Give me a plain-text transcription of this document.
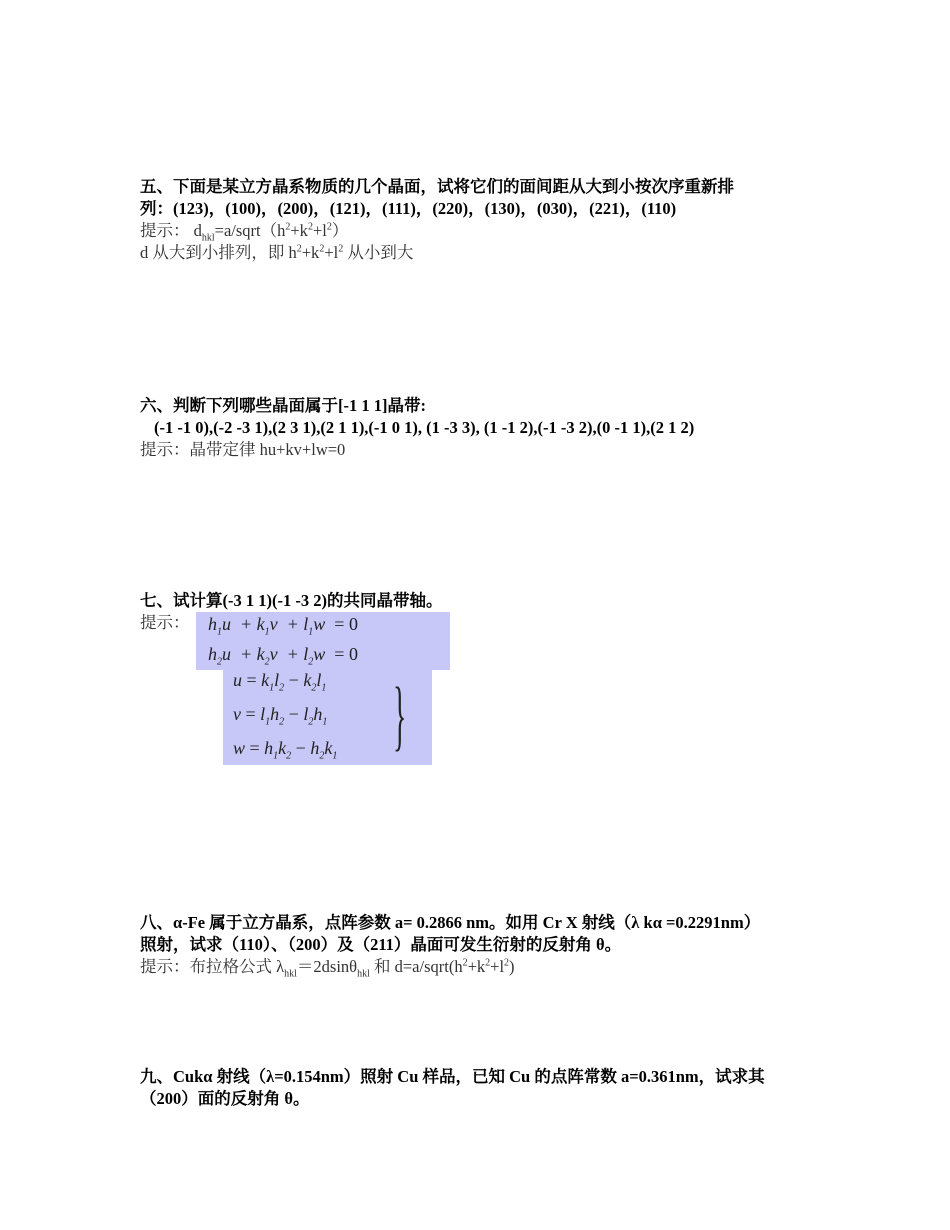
五、下面是某立方晶系物质的几个晶面，试将它们的面间距从大到小按次序重新排
列：(123)，(100)，(200)，(121)，(111)，(220)，(130)，(030)，(221)，(110)
提示： $d_{hkl}=a/sqrt(h^2+k^2+l^2)$
d 从大到小排列，即 $h^2+k^2+l^2$ 从小到大
六、判断下列哪些晶面属于[-1 1 1]晶带:
(-1 -1 0),(-2 -3 1),(2 3 1),(2 1 1),(-1 0 1), (1 -3 3), (1 -1 2),(-1 -3 2),(0 -1 1),(2 1 2)
提示：晶带定律 hu+kv+lw=0
七、试计算(-3 1 1)(-1 -3 2)的共同晶带轴。
提示：	$h_1u + k_1v + l_1w = 0$
$h_2u + k_2v + l_2w = 0$
$u = k_1l_2 - k_2l_1$
$v = l_1h_2 - l_2h_1$
$w = h_1k_2 - h_2k_1$ }
八、α-Fe 属于立方晶系，点阵参数 a= 0.2866 nm。如用 Cr X 射线（λ kα =0.2291nm）
照射，试求（110）、（200）及（211）晶面可发生衍射的反射角 θ。
提示：布拉格公式 $\lambda_{hkl}=2dsin\theta_{hkl}$ 和 $d=a/sqrt(h^2+k^2+l^2)$
九、Cukα 射线（λ=0.154nm）照射 Cu 样品，已知 Cu 的点阵常数 a=0.361nm，试求其
（200）面的反射角 θ。
